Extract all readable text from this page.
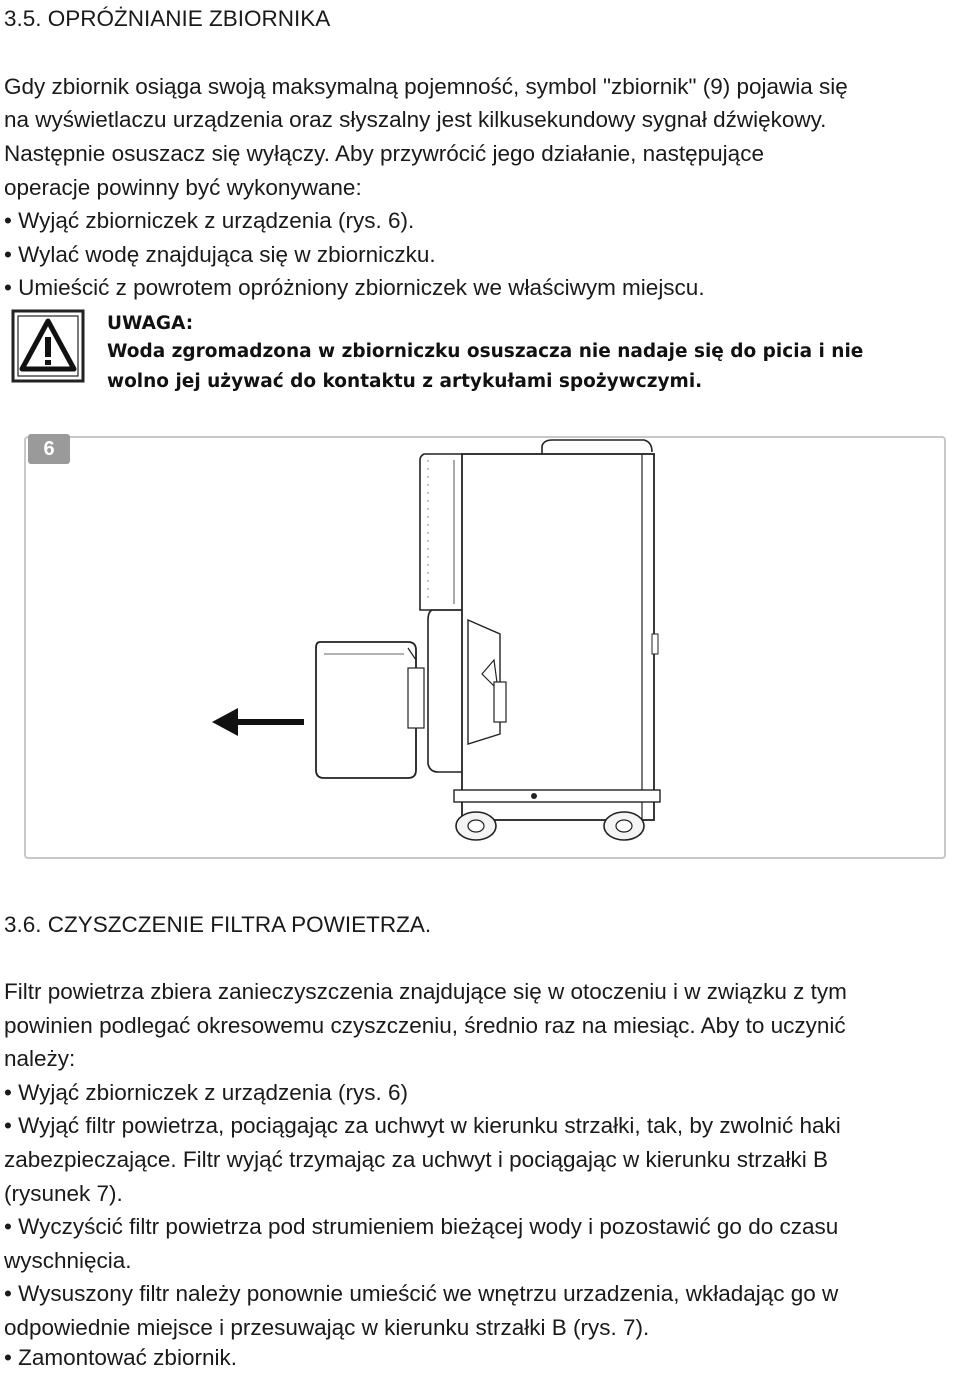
3.5. OPRÓŻNIANIE ZBIORNIKA
Gdy zbiornik osiąga swoją maksymalną pojemność, symbol "zbiornik" (9) pojawia się
na wyświetlaczu urządzenia oraz słyszalny jest kilkusekundowy sygnał dźwiękowy.
Następnie osuszacz się wyłączy. Aby przywrócić jego działanie, następujące
operacje powinny być wykonywane:
• Wyjąć zbiorniczek z urządzenia (rys. 6).
• Wylać wodę znajdująca się w zbiorniczku.
• Umieścić z powrotem opróżniony zbiorniczek we właściwym miejscu.
UWAGA:
Woda zgromadzona w zbiorniczku osuszacza nie nadaje się do picia i nie
wolno jej używać do kontaktu z artykułami spożywczymi.
6
3.6. CZYSZCZENIE FILTRA POWIETRZA.
Filtr powietrza zbiera zanieczyszczenia znajdujące się w otoczeniu i w związku z tym
powinien podlegać okresowemu czyszczeniu, średnio raz na miesiąc. Aby to uczynić
należy:
• Wyjąć zbiorniczek z urządzenia (rys. 6)
• Wyjąć filtr powietrza, pociągając za uchwyt w kierunku strzałki, tak, by zwolnić haki
zabezpieczające. Filtr wyjąć trzymając za uchwyt i pociągając w kierunku strzałki B
(rysunek 7).
• Wyczyścić filtr powietrza pod strumieniem bieżącej wody i pozostawić go do czasu
wyschnięcia.
• Wysuszony filtr należy ponownie umieścić we wnętrzu urzadzenia, wkładając go w
odpowiednie miejsce i przesuwając w kierunku strzałki B (rys. 7).
• Zamontować zbiornik.
